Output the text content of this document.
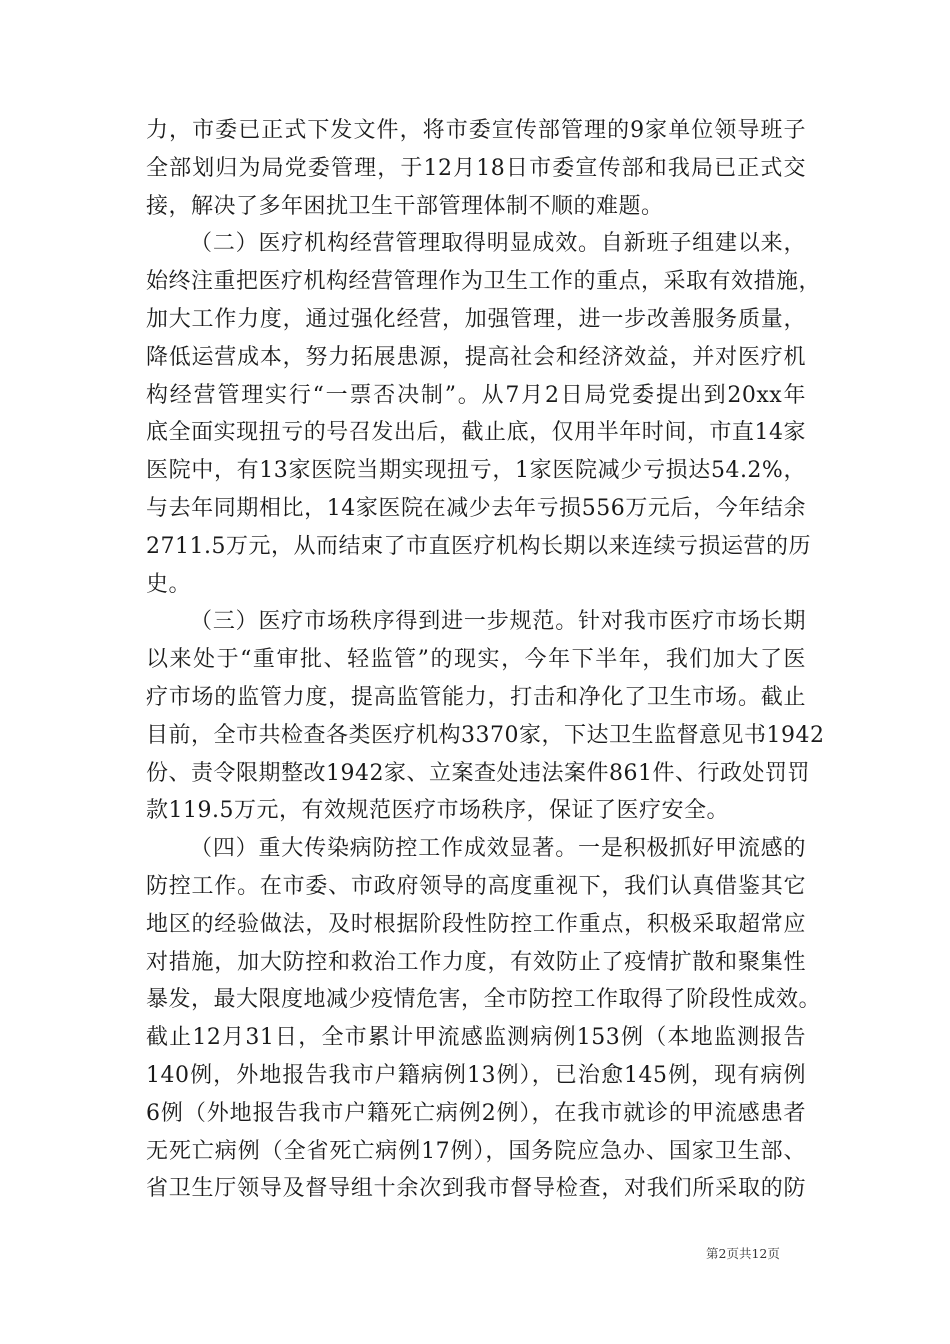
力，市委已正式下发文件，将市委宣传部管理的9家单位领导班子
全部划归为局党委管理，于12月18日市委宣传部和我局已正式交
接，解决了多年困扰卫生干部管理体制不顺的难题。
（二）医疗机构经营管理取得明显成效。自新班子组建以来，
始终注重把医疗机构经营管理作为卫生工作的重点，采取有效措施，
加大工作力度，通过强化经营，加强管理，进一步改善服务质量，
降低运营成本，努力拓展患源，提高社会和经济效益，并对医疗机
构经营管理实行“一票否决制”。从7月2日局党委提出到20xx年
底全面实现扭亏的号召发出后，截止底，仅用半年时间，市直14家
医院中，有13家医院当期实现扭亏，1家医院减少亏损达54.2%，
与去年同期相比，14家医院在减少去年亏损556万元后，今年结余
2711.5万元，从而结束了市直医疗机构长期以来连续亏损运营的历
史。
（三）医疗市场秩序得到进一步规范。针对我市医疗市场长期
以来处于“重审批、轻监管”的现实，今年下半年，我们加大了医
疗市场的监管力度，提高监管能力，打击和净化了卫生市场。截止
目前，全市共检查各类医疗机构3370家，下达卫生监督意见书1942
份、责令限期整改1942家、立案查处违法案件861件、行政处罚罚
款119.5万元，有效规范医疗市场秩序，保证了医疗安全。
（四）重大传染病防控工作成效显著。一是积极抓好甲流感的
防控工作。在市委、市政府领导的高度重视下，我们认真借鉴其它
地区的经验做法，及时根据阶段性防控工作重点，积极采取超常应
对措施，加大防控和救治工作力度，有效防止了疫情扩散和聚集性
暴发，最大限度地减少疫情危害，全市防控工作取得了阶段性成效。
截止12月31日，全市累计甲流感监测病例153例（本地监测报告
140例，外地报告我市户籍病例13例），已治愈145例，现有病例
6例（外地报告我市户籍死亡病例2例），在我市就诊的甲流感患者
无死亡病例（全省死亡病例17例），国务院应急办、国家卫生部、
省卫生厅领导及督导组十余次到我市督导检查，对我们所采取的防
第2页共12页
